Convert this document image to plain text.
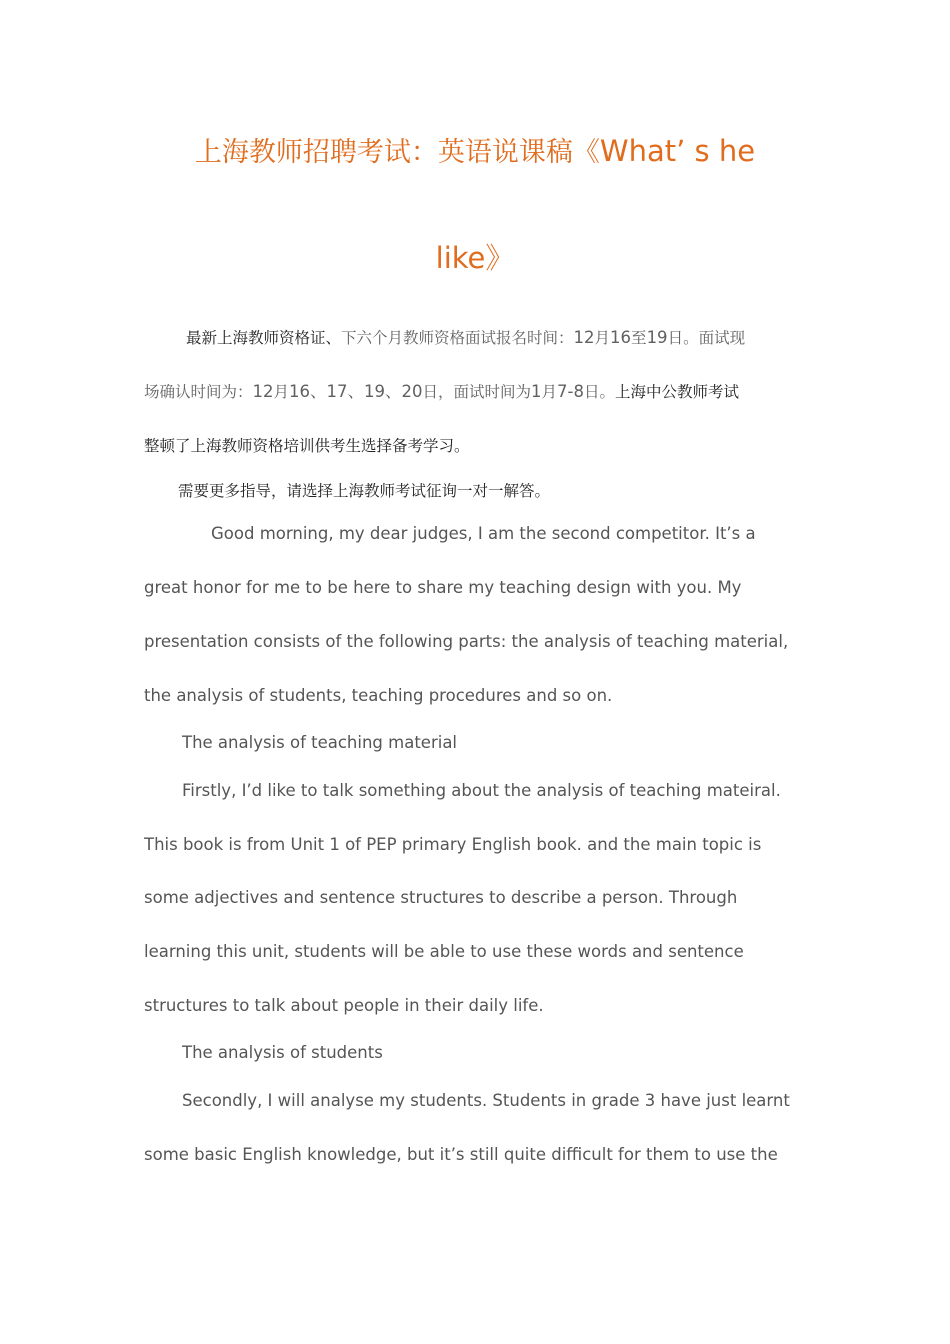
上海教师招聘考试：英语说课稿《What’ s he
like》
最新上海教师资格证、下六个月教师资格面试报名时间：12月16至19日。面试现
场确认时间为：12月16、17、19、20日，面试时间为1月7-8日。上海中公教师考试
整顿了上海教师资格培训供考生选择备考学习。
需要更多指导，请选择上海教师考试征询一对一解答。
Good morning, my dear judges, I am the second competitor. It’s a
great honor for me to be here to share my teaching design with you. My
presentation consists of the following parts: the analysis of teaching material,
the analysis of students, teaching procedures and so on.
The analysis of teaching material
Firstly, I’d like to talk something about the analysis of teaching mateiral.
This book is from Unit 1 of PEP primary English book. and the main topic is
some adjectives and sentence structures to describe a person. Through
learning this unit, students will be able to use these words and sentence
structures to talk about people in their daily life.
The analysis of students
Secondly, I will analyse my students. Students in grade 3 have just learnt
some basic English knowledge, but it’s still quite difficult for them to use the
